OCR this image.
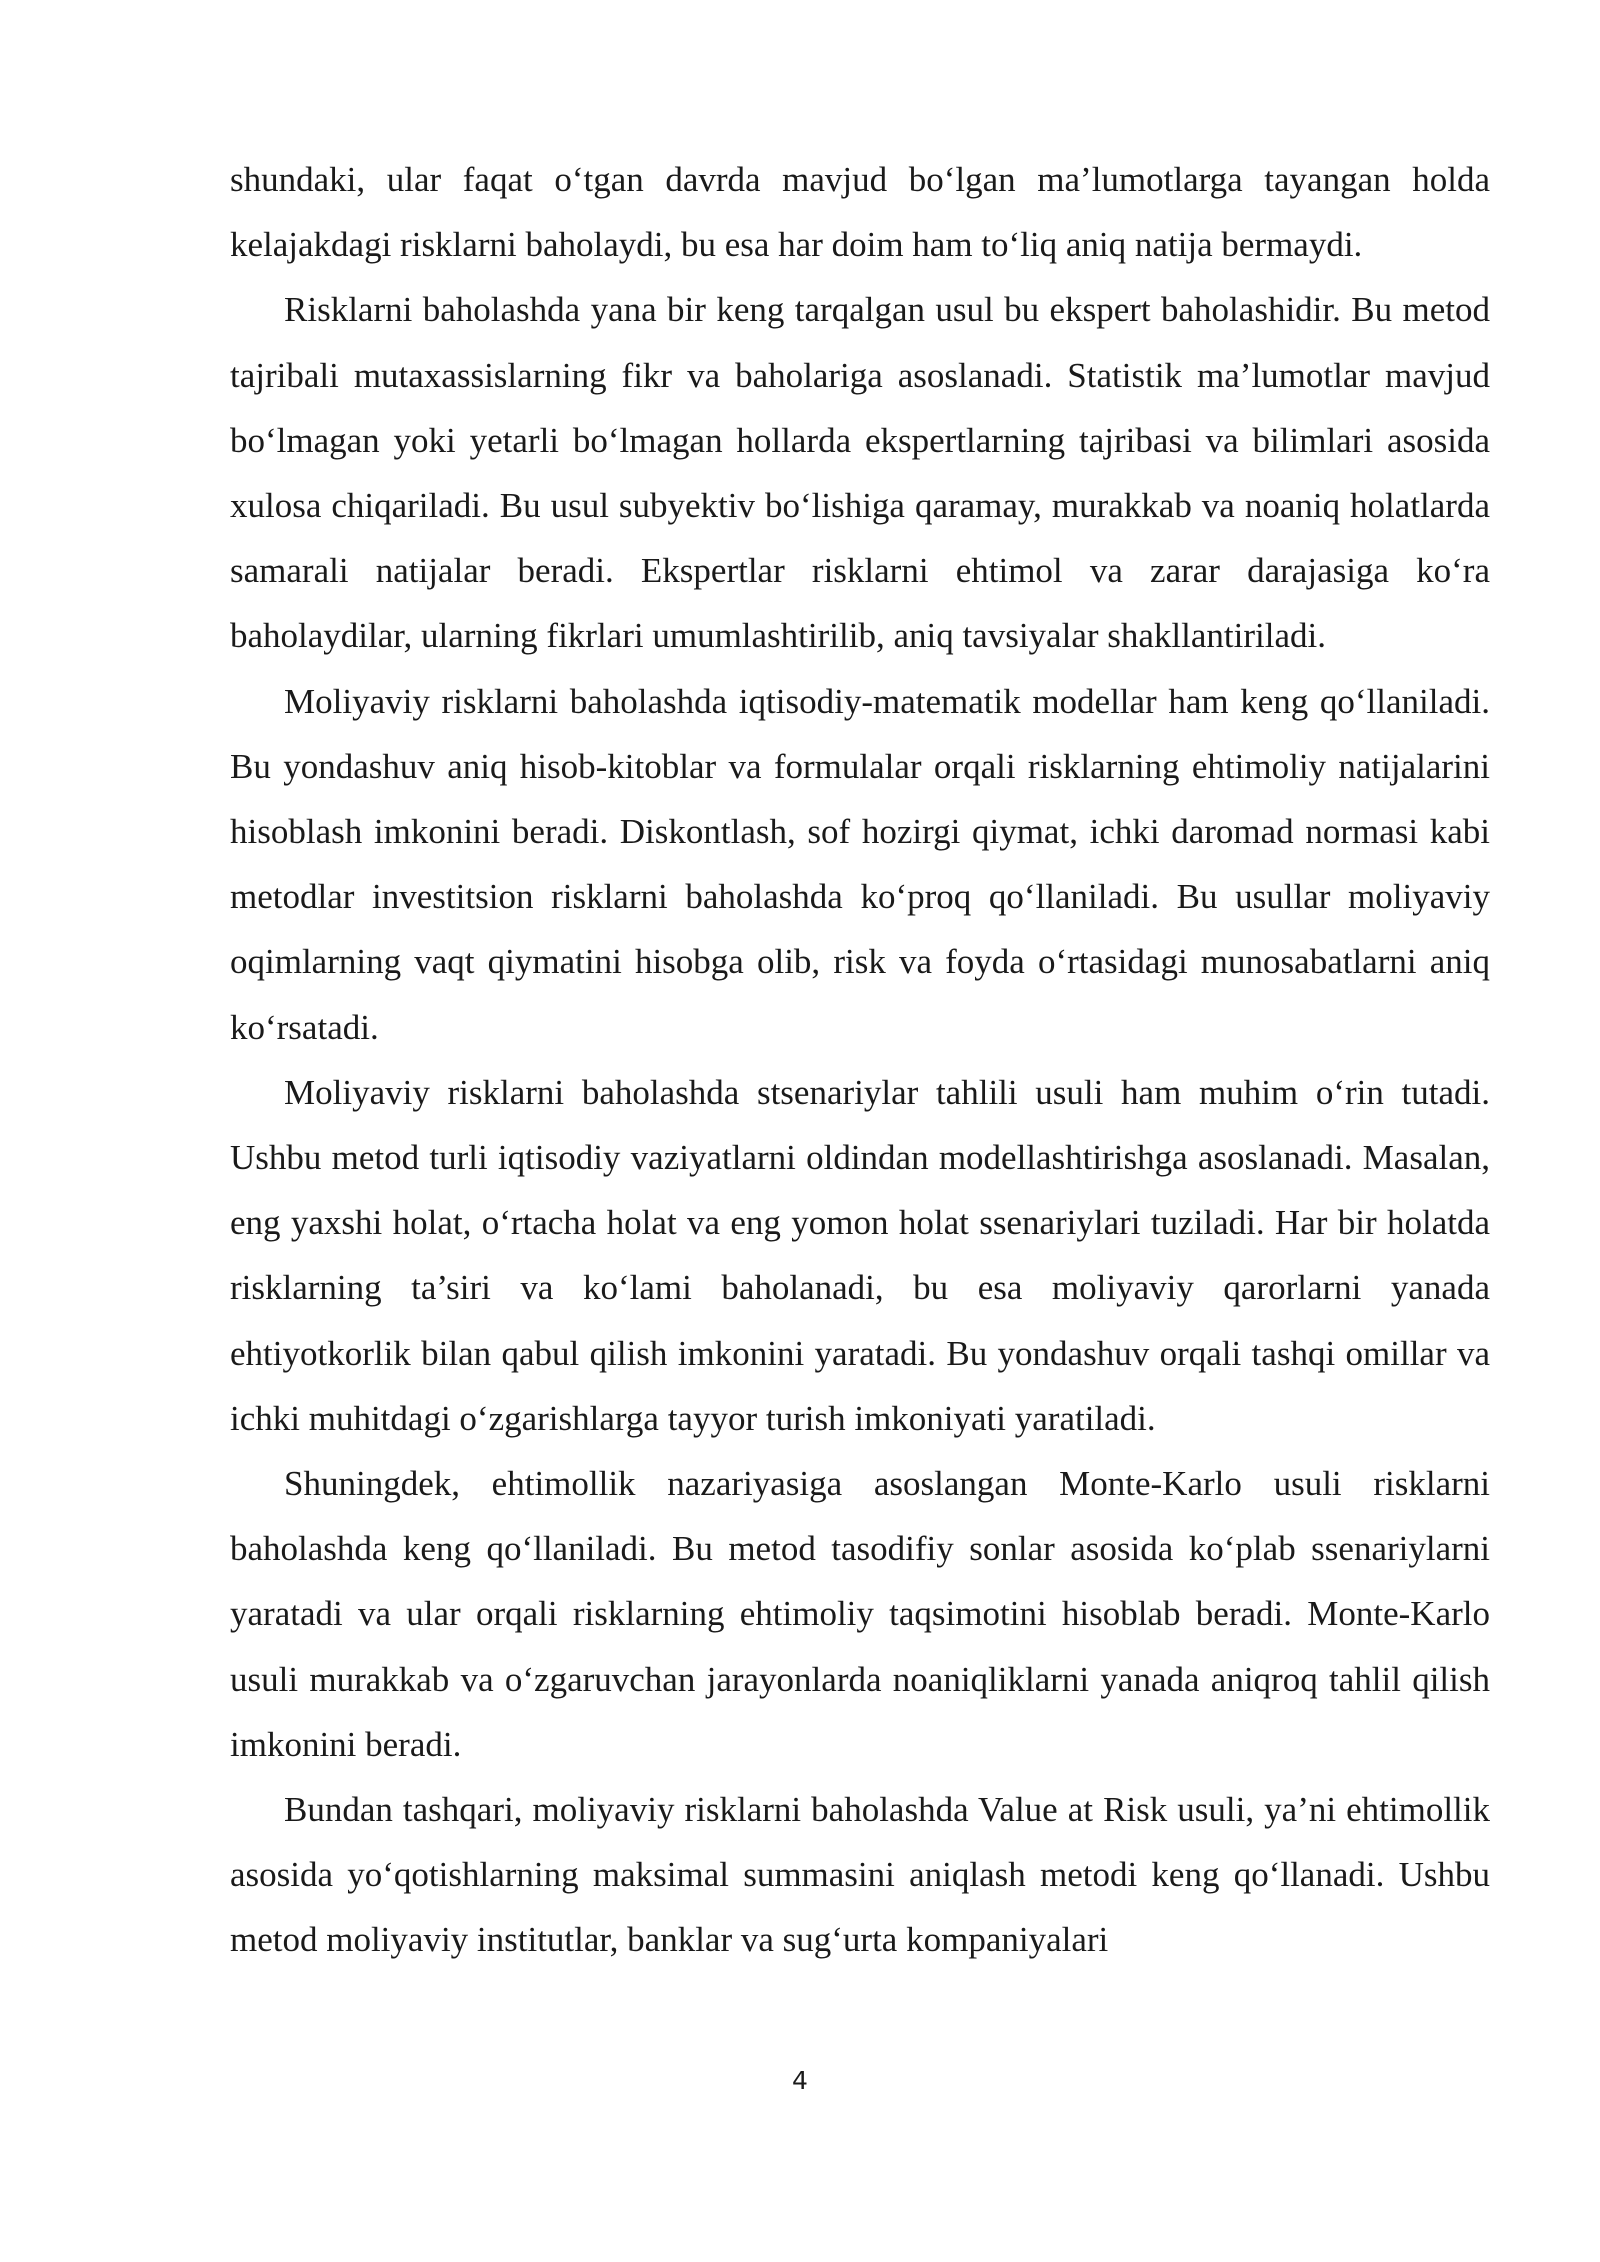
shundaki, ular faqat o‘tgan davrda mavjud bo‘lgan ma’lumotlarga tayangan holda kelajakdagi risklarni baholaydi, bu esa har doim ham to‘liq aniq natija bermaydi.

Risklarni baholashda yana bir keng tarqalgan usul bu ekspert baholashidir. Bu metod tajribali mutaxassislarning fikr va baholariga asoslanadi. Statistik ma’lumotlar mavjud bo‘lmagan yoki yetarli bo‘lmagan hollarda ekspertlarning tajribasi va bilimlari asosida xulosa chiqariladi. Bu usul subyektiv bo‘lishiga qaramay, murakkab va noaniq holatlarda samarali natijalar beradi. Ekspertlar risklarni ehtimol va zarar darajasiga ko‘ra baholaydilar, ularning fikrlari umumlashtirilib, aniq tavsiyalar shakllantiriladi.

Moliyaviy risklarni baholashda iqtisodiy-matematik modellar ham keng qo‘llaniladi. Bu yondashuv aniq hisob-kitoblar va formulalar orqali risklarning ehtimoliy natijalarini hisoblash imkonini beradi. Diskontlash, sof hozirgi qiymat, ichki daromad normasi kabi metodlar investitsion risklarni baholashda ko‘proq qo‘llaniladi. Bu usullar moliyaviy oqimlarning vaqt qiymatini hisobga olib, risk va foyda o‘rtasidagi munosabatlarni aniq ko‘rsatadi.

Moliyaviy risklarni baholashda stsenariylar tahlili usuli ham muhim o‘rin tutadi. Ushbu metod turli iqtisodiy vaziyatlarni oldindan modellashtirishga asoslanadi. Masalan, eng yaxshi holat, o‘rtacha holat va eng yomon holat ssenariylari tuziladi. Har bir holatda risklarning ta’siri va ko‘lami baholanadi, bu esa moliyaviy qarorlarni yanada ehtiyotkorlik bilan qabul qilish imkonini yaratadi. Bu yondashuv orqali tashqi omillar va ichki muhitdagi o‘zgarishlarga tayyor turish imkoniyati yaratiladi.

Shuningdek, ehtimollik nazariyasiga asoslangan Monte-Karlo usuli risklarni baholashda keng qo‘llaniladi. Bu metod tasodifiy sonlar asosida ko‘plab ssenariylarni yaratadi va ular orqali risklarning ehtimoliy taqsimotini hisoblab beradi. Monte-Karlo usuli murakkab va o‘zgaruvchan jarayonlarda noaniqliklarni yanada aniqroq tahlil qilish imkonini beradi.

Bundan tashqari, moliyaviy risklarni baholashda Value at Risk usuli, ya’ni ehtimollik asosida yo‘qotishlarning maksimal summasini aniqlash metodi keng qo‘llanadi. Ushbu metod moliyaviy institutlar, banklar va sug‘urta kompaniyalari

4
